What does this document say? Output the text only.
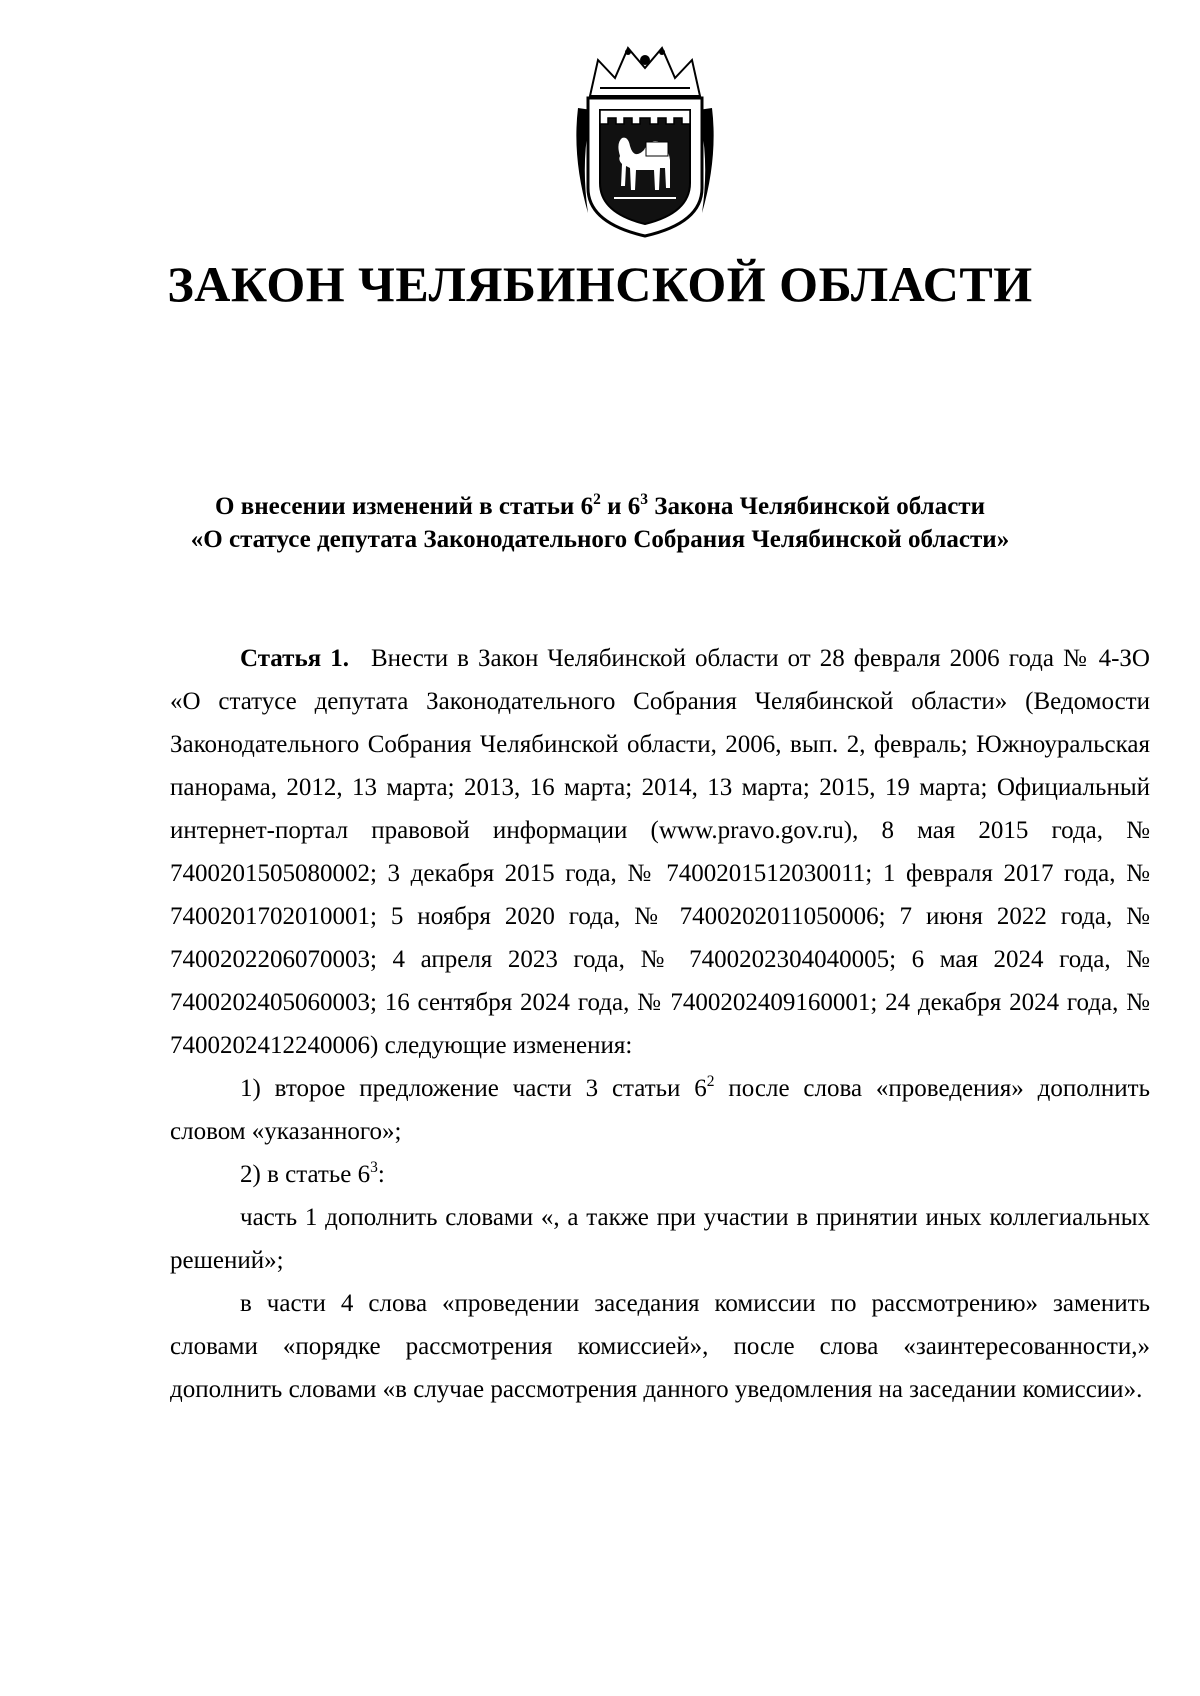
ЗАКОН ЧЕЛЯБИНСКОЙ ОБЛАСТИ
О внесении изменений в статьи $6^2$ и $6^3$ Закона Челябинской области
«О статусе депутата Законодательного Собрания Челябинской области»

Статья 1. Внести в Закон Челябинской области от 28 февраля 2006 года № 4-ЗО «О статусе депутата Законодательного Собрания Челябинской области» (Ведомости Законодательного Собрания Челябинской области, 2006, вып. 2, февраль; Южноуральская панорама, 2012, 13 марта; 2013, 16 марта; 2014, 13 марта; 2015, 19 марта; Официальный интернет-портал правовой информации (www.pravo.gov.ru), 8 мая 2015 года, № 7400201505080002; 3 декабря 2015 года, № 7400201512030011; 1 февраля 2017 года, № 7400201702010001; 5 ноября 2020 года, № 7400202011050006; 7 июня 2022 года, № 7400202206070003; 4 апреля 2023 года, № 7400202304040005; 6 мая 2024 года, № 7400202405060003; 16 сентября 2024 года, № 7400202409160001; 24 декабря 2024 года, № 7400202412240006) следующие изменения:

1) второе предложение части 3 статьи $6^2$ после слова «проведения» дополнить словом «указанного»;

2) в статье $6^3$:

часть 1 дополнить словами «, а также при участии в принятии иных коллегиальных решений»;

в части 4 слова «проведении заседания комиссии по рассмотрению» заменить словами «порядке рассмотрения комиссией», после слова «заинтересованности,» дополнить словами «в случае рассмотрения данного уведомления на заседании комиссии».
